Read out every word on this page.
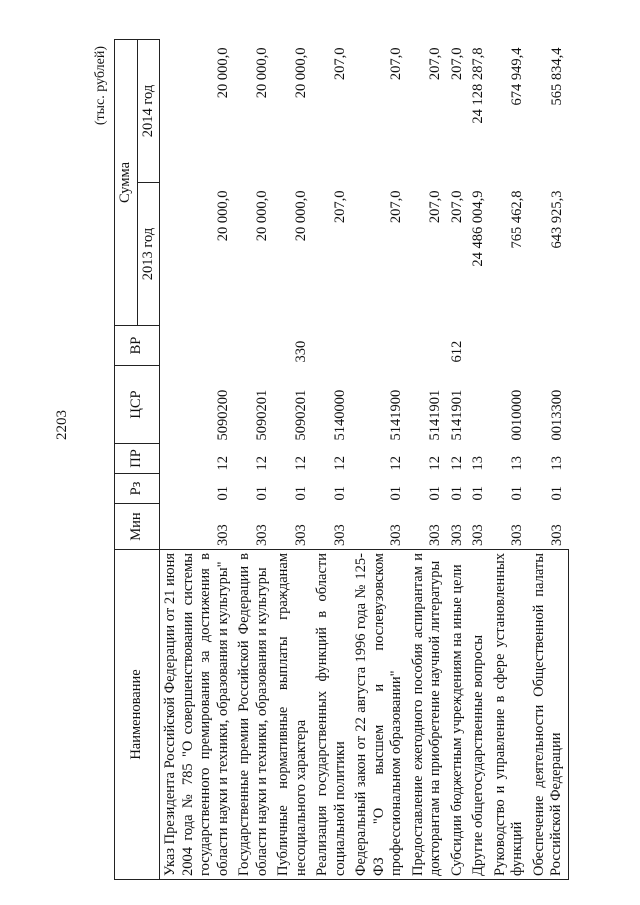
2203
(тыс. рублей)
Наименование	Мин	Рз	ПР	ЦСР	ВР	Сумма	
						2013 год	2014 год
Указ Президента Российской Федерации от 21 июня 2004 года № 785 "О совершенствовании системы государственного премирования за достижения в области науки и техники, образования и культуры"	303	01	12	5090200		20 000,0	20 000,0
Государственные премии Российской Федерации в области науки и техники, образования и культуры	303	01	12	5090201		20 000,0	20 000,0
Публичные нормативные выплаты гражданам несоциального характера	303	01	12	5090201	330	20 000,0	20 000,0
Реализация государственных функций в области социальной политики	303	01	12	5140000		207,0	207,0
Федеральный закон от 22 августа 1996 года № 125-ФЗ "О высшем и послевузовском профессиональном образовании"	303	01	12	5141900		207,0	207,0
Предоставление ежегодного пособия аспирантам и докторантам на приобретение научной литературы	303	01	12	5141901		207,0	207,0
Субсидии бюджетным учреждениям на иные цели	303	01	12	5141901	612	207,0	207,0
Другие общегосударственные вопросы	303	01	13			24 486 004,9	24 128 287,8
Руководство и управление в сфере установленных функций	303	01	13	0010000		765 462,8	674 949,4
Обеспечение деятельности Общественной палаты Российской Федерации	303	01	13	0013300		643 925,3	565 834,4
